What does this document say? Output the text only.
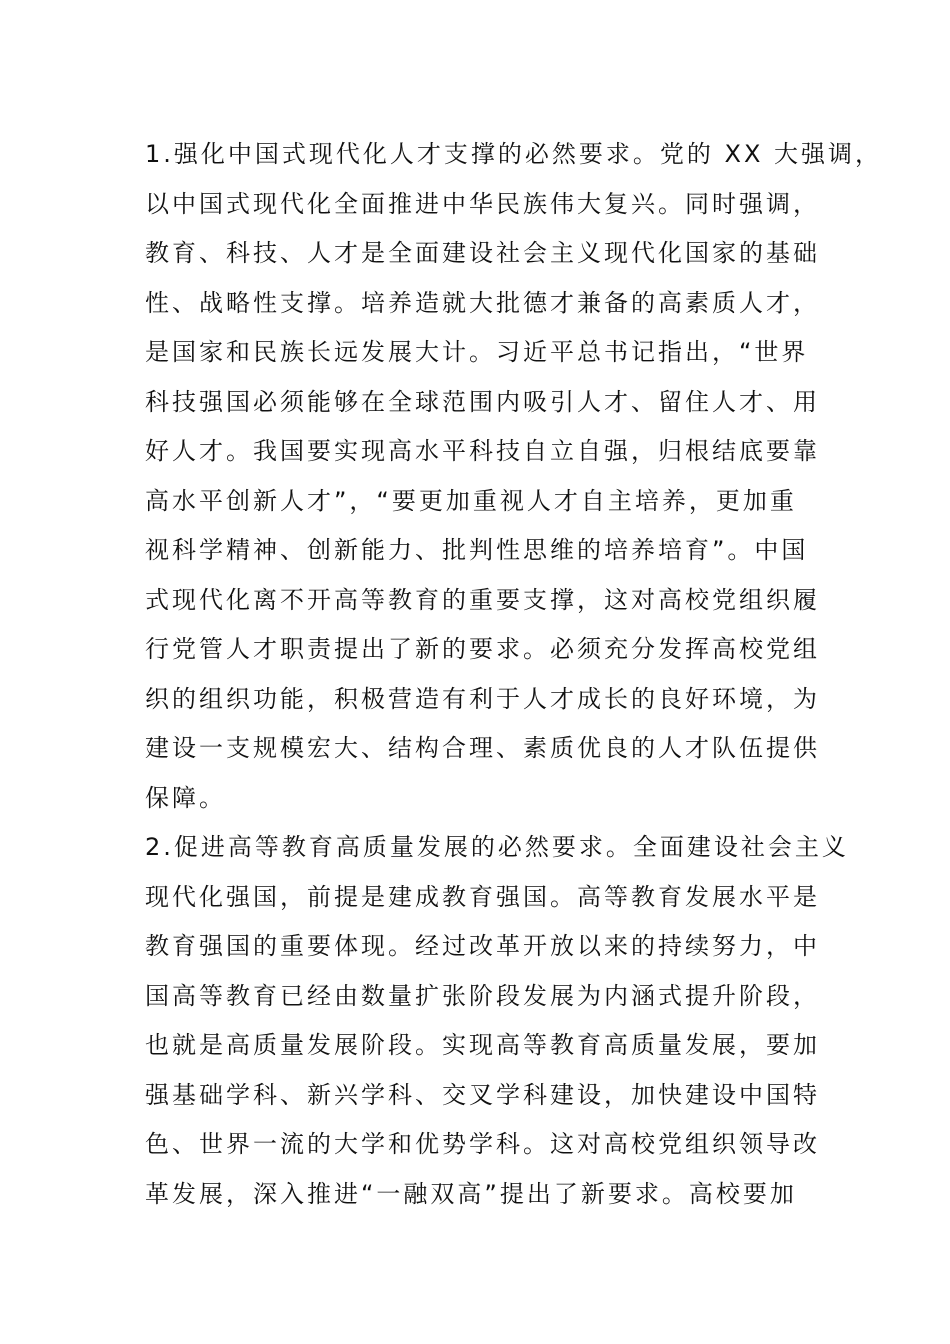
1.强化中国式现代化人才支撑的必然要求。党的 XX 大强调，
以中国式现代化全面推进中华民族伟大复兴。同时强调，
教育、科技、人才是全面建设社会主义现代化国家的基础
性、战略性支撑。培养造就大批德才兼备的高素质人才，
是国家和民族长远发展大计。习近平总书记指出，“世界
科技强国必须能够在全球范围内吸引人才、留住人才、用
好人才。我国要实现高水平科技自立自强，归根结底要靠
高水平创新人才”，“要更加重视人才自主培养，更加重
视科学精神、创新能力、批判性思维的培养培育”。中国
式现代化离不开高等教育的重要支撑，这对高校党组织履
行党管人才职责提出了新的要求。必须充分发挥高校党组
织的组织功能，积极营造有利于人才成长的良好环境，为
建设一支规模宏大、结构合理、素质优良的人才队伍提供
保障。
2.促进高等教育高质量发展的必然要求。全面建设社会主义
现代化强国，前提是建成教育强国。高等教育发展水平是
教育强国的重要体现。经过改革开放以来的持续努力，中
国高等教育已经由数量扩张阶段发展为内涵式提升阶段，
也就是高质量发展阶段。实现高等教育高质量发展，要加
强基础学科、新兴学科、交叉学科建设，加快建设中国特
色、世界一流的大学和优势学科。这对高校党组织领导改
革发展，深入推进“一融双高”提出了新要求。高校要加
